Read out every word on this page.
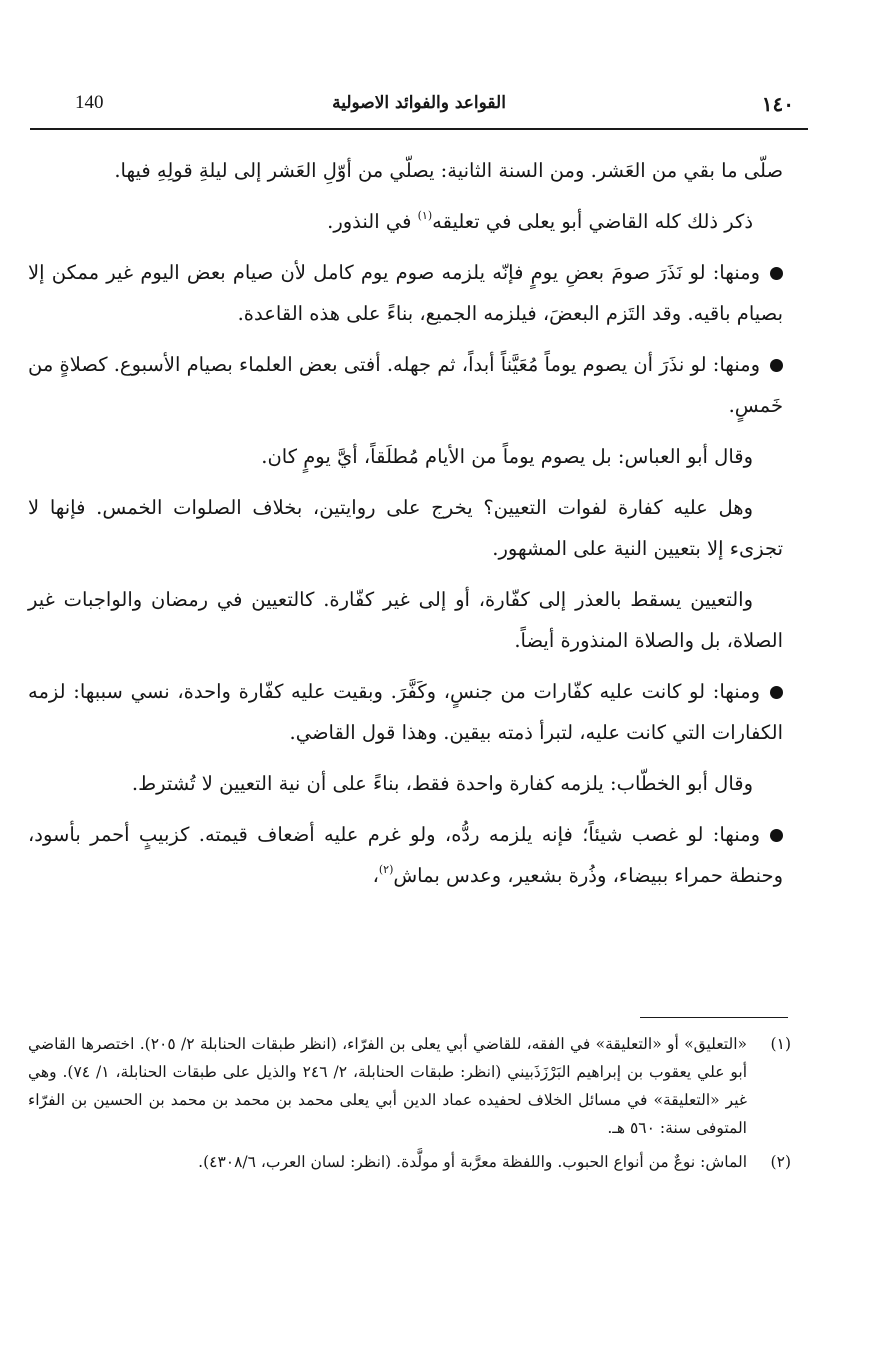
١٤٠
القواعد والفوائد الاصولية
140

صلّى ما بقي من العَشر. ومن السنة الثانية: يصلّي من أوّلِ العَشر إلى ليلةِ قولِهِ فيها.

ذكر ذلك كله القاضي أبو يعلى في تعليقه$^{(١)}$ في النذور.

ومنها: لو نَذَرَ صومَ بعضِ يومٍ فإنّه يلزمه صوم يوم كامل لأن صيام بعض اليوم غير ممكن إلا بصيام باقيه. وقد التَزم البعضَ، فيلزمه الجميع، بناءً على هذه القاعدة.

ومنها: لو نذَرَ أن يصوم يوماً مُعَيَّناً أبداً، ثم جهله. أفتى بعض العلماء بصيام الأسبوع. كصلاةٍ من خَمسٍ.

وقال أبو العباس: بل يصوم يوماً من الأيام مُطلَقاً، أيَّ يومٍ كان.

وهل عليه كفارة لفوات التعيين؟ يخرج على روايتين، بخلاف الصلوات الخمس. فإنها لا تجزىء إلا بتعيين النية على المشهور.

والتعيين يسقط بالعذر إلى كفّارة، أو إلى غير كفّارة. كالتعيين في رمضان والواجبات غير الصلاة، بل والصلاة المنذورة أيضاً.

ومنها: لو كانت عليه كفّارات من جنسٍ، وكَفَّرَ. وبقيت عليه كفّارة واحدة، نسي سببها: لزمه الكفارات التي كانت عليه، لتبرأ ذمته بيقين. وهذا قول القاضي.

وقال أبو الخطّاب: يلزمه كفارة واحدة فقط، بناءً على أن نية التعيين لا تُشترط.

ومنها: لو غصب شيئاً؛ فإنه يلزمه ردُّه، ولو غرم عليه أضعاف قيمته. كزبيبٍ أحمر بأسود، وحنطة حمراء ببيضاء، وذُرة بشعير، وعدس بماش$^{(٢)}$،

(١)
«التعليق» أو «التعليقة» في الفقه، للقاضي أبي يعلى بن الفرّاء، (انظر طبقات الحنابلة ٢/ ٢٠٥). اختصرها القاضي أبو علي يعقوب بن إبراهيم البَرْزَذَبيني (انظر: طبقات الحنابلة، ٢/ ٢٤٦ والذيل على طبقات الحنابلة، ١/ ٧٤). وهي غير «التعليقة» في مسائل الخلاف لحفيده عماد الدين أبي يعلى محمد بن محمد بن محمد بن الحسين بن الفرّاء المتوفى سنة: ٥٦٠ هـ.
(٢)
الماش: نوعٌ من أنواع الحبوب. واللفظة معرَّبة أو مولَّدة. (انظر: لسان العرب، ٤٣٠٨/٦).
